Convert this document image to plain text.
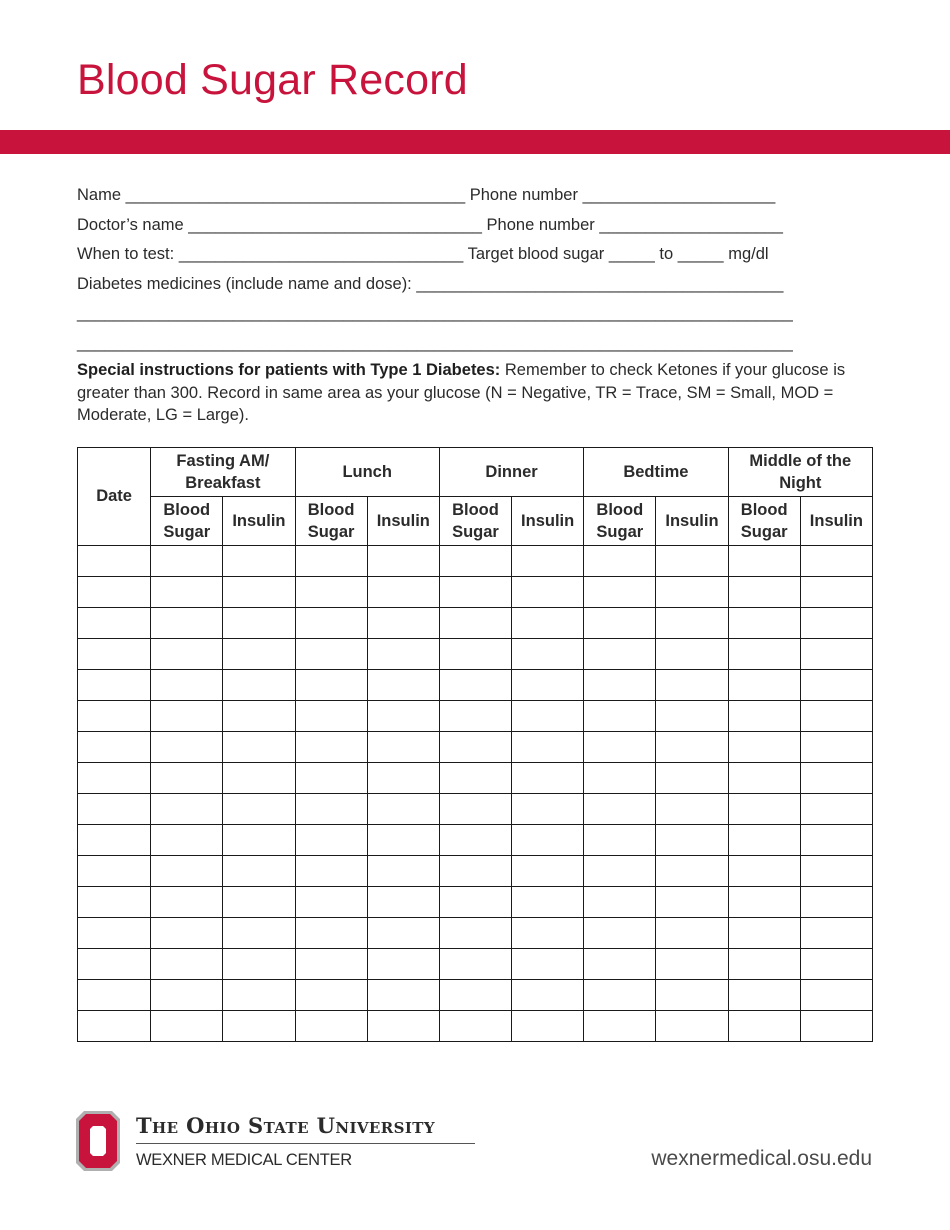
Blood Sugar Record
Name _____________________________________ Phone number _____________________
Doctor’s name ________________________________ Phone number ____________________
When to test: _______________________________ Target blood sugar _____ to _____ mg/dl
Diabetes medicines (include name and dose): ________________________________________
______________________________________________________________________________
______________________________________________________________________________

Special instructions for patients with Type 1 Diabetes: Remember to check Ketones if your glucose is greater than 300. Record in same area as your glucose (N = Negative, TR = Trace, SM = Small, MOD = Moderate, LG = Large).

Date	Fasting AM/ Breakfast		Lunch		Dinner		Bedtime		Middle of the Night	
	Blood Sugar	Insulin	Blood Sugar	Insulin	Blood Sugar	Insulin	Blood Sugar	Insulin	Blood Sugar	Insulin

The Ohio State University
WEXNER MEDICAL CENTER	wexnermedical.osu.edu
